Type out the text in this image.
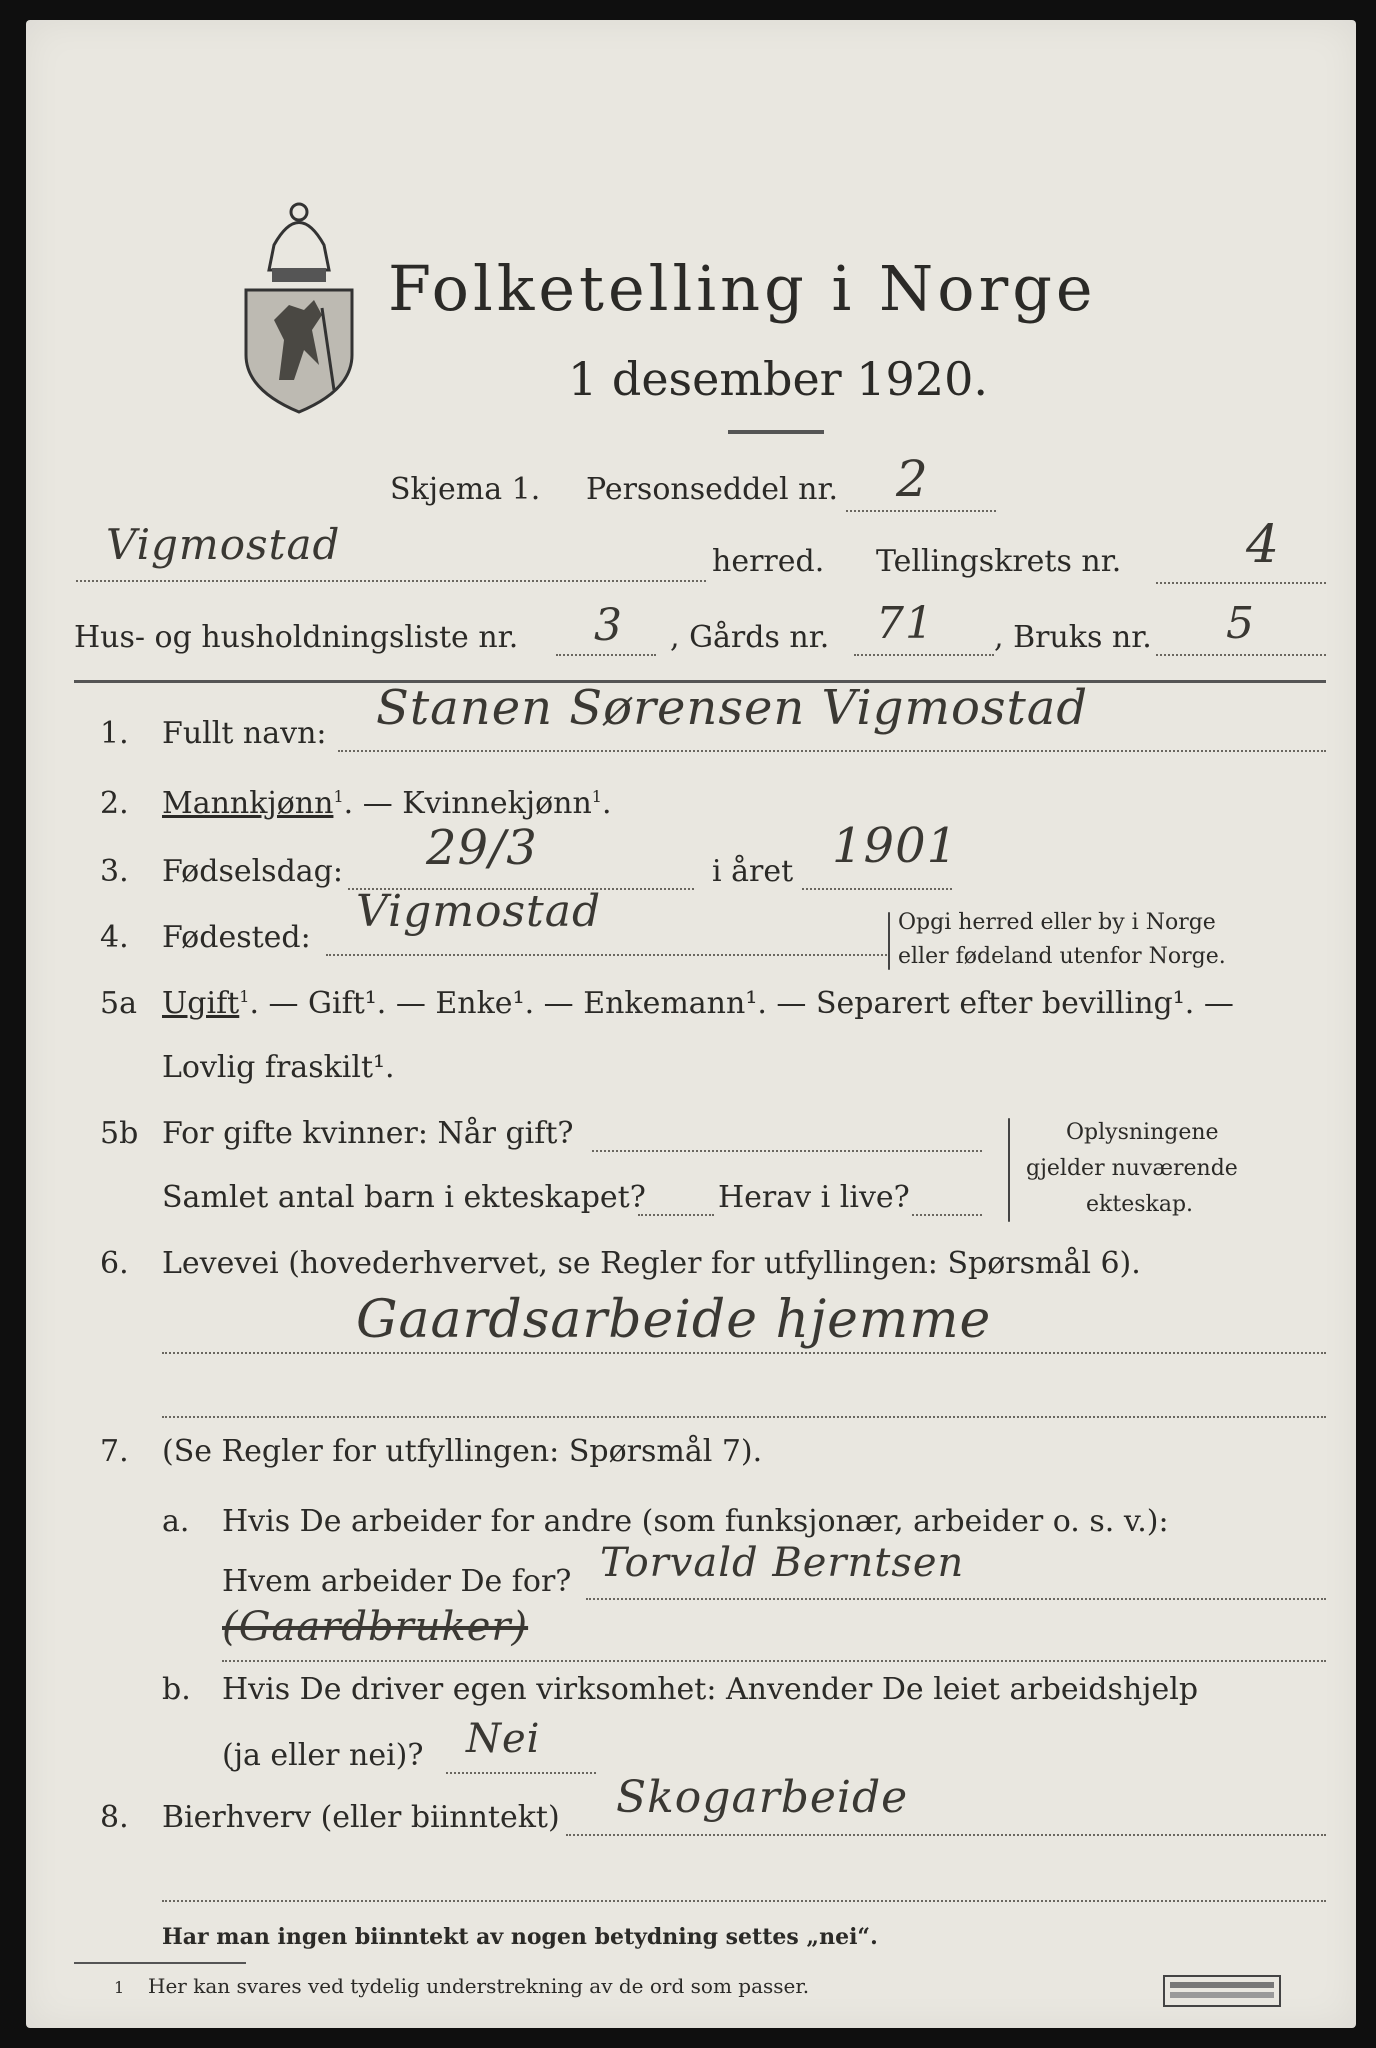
Folketelling i Norge
1 desember 1920.
Skjema 1. Personseddel nr. 2
Vigmostad	herred. Tellingskrets nr. 4
Hus- og husholdningsliste nr. 3 , Gårds nr. 71 , Bruks nr. 5
1. Fullt navn: Stanen Sørensen Vigmostad
2. Mannkjønn$^1$. — Kvinnekjønn$^1$.
3. Fødselsdag: 29/3	i året 1901
4. Fødested:
Vigmostad	Opgi herred eller by i Norge
eller fødeland utenfor Norge.
5a Ugift$^1$. — Gift¹. — Enke¹. — Enkemann¹. — Separert efter bevilling¹. —
Lovlig fraskilt¹.
5b For gifte kvinner: Når gift?
Samlet antal barn i ekteskapet? Herav i live?
Oplysningene
gjelder nuværende
ekteskap.
6. Levevei (hovederhvervet, se Regler for utfyllingen: Spørsmål 6).
Gaardsarbeide hjemme
7. (Se Regler for utfyllingen: Spørsmål 7).
a. Hvis De arbeider for andre (som funksjonær, arbeider o. s. v.):
Hvem arbeider De for? Torvald Berntsen
(Gaardbruker)
b. Hvis De driver egen virksomhet: Anvender De leiet arbeidshjelp
(ja eller nei)? Nei
8. Bierhverv (eller biinntekt) Skogarbeide
Har man ingen biinntekt av nogen betydning settes „nei“.
1 Her kan svares ved tydelig understrekning av de ord som passer.
